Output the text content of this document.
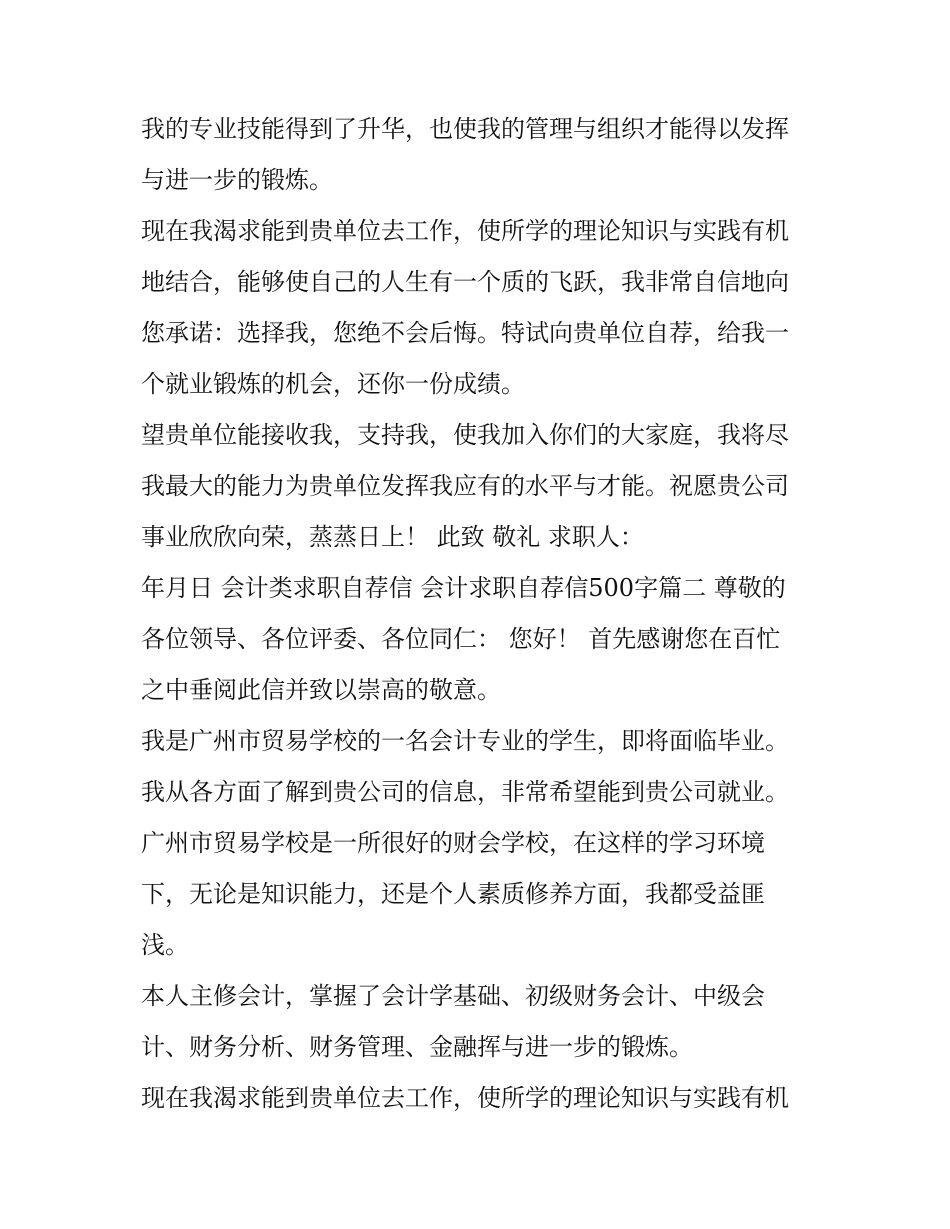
我的专业技能得到了升华，也使我的管理与组织才能得以发挥
与进一步的锻炼。
现在我渴求能到贵单位去工作，使所学的理论知识与实践有机
地结合，能够使自己的人生有一个质的飞跃，我非常自信地向
您承诺：选择我，您绝不会后悔。特试向贵单位自荐，给我一
个就业锻炼的机会，还你一份成绩。
望贵单位能接收我，支持我，使我加入你们的大家庭，我将尽
我最大的能力为贵单位发挥我应有的水平与才能。祝愿贵公司
事业欣欣向荣，蒸蒸日上！ 此致 敬礼 求职人：
年月日 会计类求职自荐信 会计求职自荐信500字篇二 尊敬的
各位领导、各位评委、各位同仁： 您好！ 首先感谢您在百忙
之中垂阅此信并致以崇高的敬意。
我是广州市贸易学校的一名会计专业的学生，即将面临毕业。
我从各方面了解到贵公司的信息，非常希望能到贵公司就业。
广州市贸易学校是一所很好的财会学校，在这样的学习环境
下，无论是知识能力，还是个人素质修养方面，我都受益匪
浅。
本人主修会计，掌握了会计学基础、初级财务会计、中级会
计、财务分析、财务管理、金融挥与进一步的锻炼。
现在我渴求能到贵单位去工作，使所学的理论知识与实践有机
